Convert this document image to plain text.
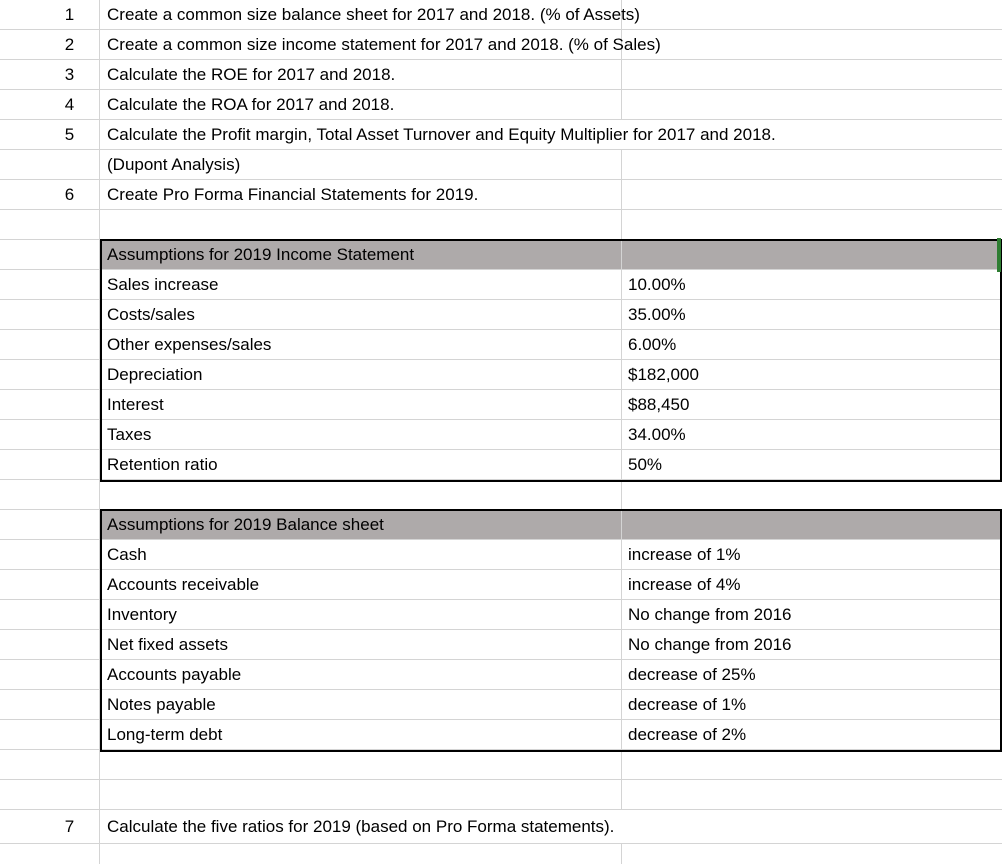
1 Create a common size balance sheet for 2017 and 2018. (% of Assets)
2 Create a common size income statement for 2017 and 2018. (% of Sales)
3 Calculate the ROE for 2017 and 2018.
4 Calculate the ROA for 2017 and 2018.
5 Calculate the Profit margin, Total Asset Turnover and Equity Multiplier for 2017 and 2018.
(Dupont Analysis)
6 Create Pro Forma Financial Statements for 2019.
Assumptions for 2019 Income Statement
Sales increase	10.00%
Costs/sales	35.00%
Other expenses/sales	6.00%
Depreciation	$182,000
Interest	$88,450
Taxes	34.00%
Retention ratio	50%
Assumptions for 2019 Balance sheet
Cash	increase of 1%
Accounts receivable	increase of 4%
Inventory	No change from 2016
Net fixed assets	No change from 2016
Accounts payable	decrease of 25%
Notes payable	decrease of 1%
Long-term debt	decrease of 2%
7 Calculate the five ratios for 2019 (based on Pro Forma statements).
